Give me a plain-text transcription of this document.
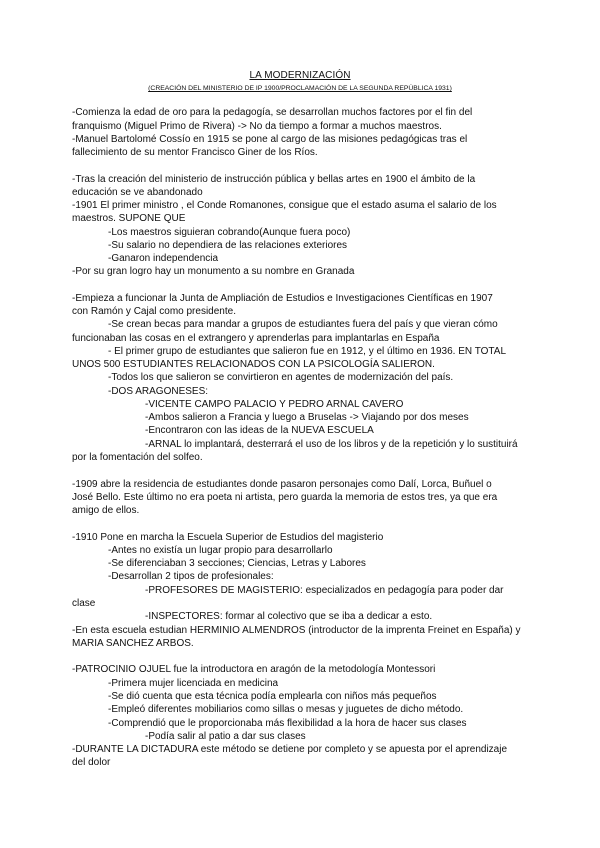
LA MODERNIZACIÓN
(CREACIÓN DEL MINISTERIO DE IP 1900/PROCLAMACIÓN DE LA SEGUNDA REPÚBLICA 1931)
-Comienza la edad de oro para la pedagogía, se desarrollan muchos factores por el fin del
franquismo (Miguel Primo de Rivera) -> No da tiempo a formar a muchos maestros.
-Manuel Bartolomé Cossío en 1915 se pone al cargo de las misiones pedagógicas tras el
fallecimiento de su mentor Francisco Giner de los Ríos.
-Tras la creación del ministerio de instrucción pública y bellas artes en 1900 el ámbito de la
educación se ve abandonado
-1901 El primer ministro , el Conde Romanones, consigue que el estado asuma el salario de los
maestros. SUPONE QUE
-Los maestros siguieran cobrando(Aunque fuera poco)
-Su salario no dependiera de las relaciones exteriores
-Ganaron independencia
-Por su gran logro hay un monumento a su nombre en Granada
-Empieza a funcionar la Junta de Ampliación de Estudios e Investigaciones Científicas en 1907
con Ramón y Cajal como presidente.
-Se crean becas para mandar a grupos de estudiantes fuera del país y que vieran cómo
funcionaban las cosas en el extrangero y aprenderlas para implantarlas en España
- El primer grupo de estudiantes que salieron fue en 1912, y el último en 1936. EN TOTAL
UNOS 500 ESTUDIANTES RELACIONADOS CON LA PSICOLOGÍA SALIERON.
-Todos los que salieron se convirtieron en agentes de modernización del país.
-DOS ARAGONESES:
-VICENTE CAMPO PALACIO Y PEDRO ARNAL CAVERO
-Ambos salieron a Francia y luego a Bruselas -> Viajando por dos meses
-Encontraron con las ideas de la NUEVA ESCUELA
-ARNAL lo implantará, desterrará el uso de los libros y de la repetición y lo sustituirá
por la fomentación del solfeo.
-1909 abre la residencia de estudiantes donde pasaron personajes como Dalí, Lorca, Buñuel o
José Bello. Este último no era poeta ni artista, pero guarda la memoria de estos tres, ya que era
amigo de ellos.
-1910 Pone en marcha la Escuela Superior de Estudios del magisterio
-Antes no existía un lugar propio para desarrollarlo
-Se diferenciaban 3 secciones; Ciencias, Letras y Labores
-Desarrollan 2 tipos de profesionales:
-PROFESORES DE MAGISTERIO: especializados en pedagogía para poder dar
clase
-INSPECTORES: formar al colectivo que se iba a dedicar a esto.
-En esta escuela estudian HERMINIO ALMENDROS (introductor de la imprenta Freinet en España) y
MARIA SANCHEZ ARBOS.
-PATROCINIO OJUEL fue la introductora en aragón de la metodología Montessori
-Primera mujer licenciada en medicina
-Se dió cuenta que esta técnica podía emplearla con niños más pequeños
-Empleó diferentes mobiliarios como sillas o mesas y juguetes de dicho método.
-Comprendió que le proporcionaba más flexibilidad a la hora de hacer sus clases
-Podía salir al patio a dar sus clases
-DURANTE LA DICTADURA este método se detiene por completo y se apuesta por el aprendizaje
del dolor
